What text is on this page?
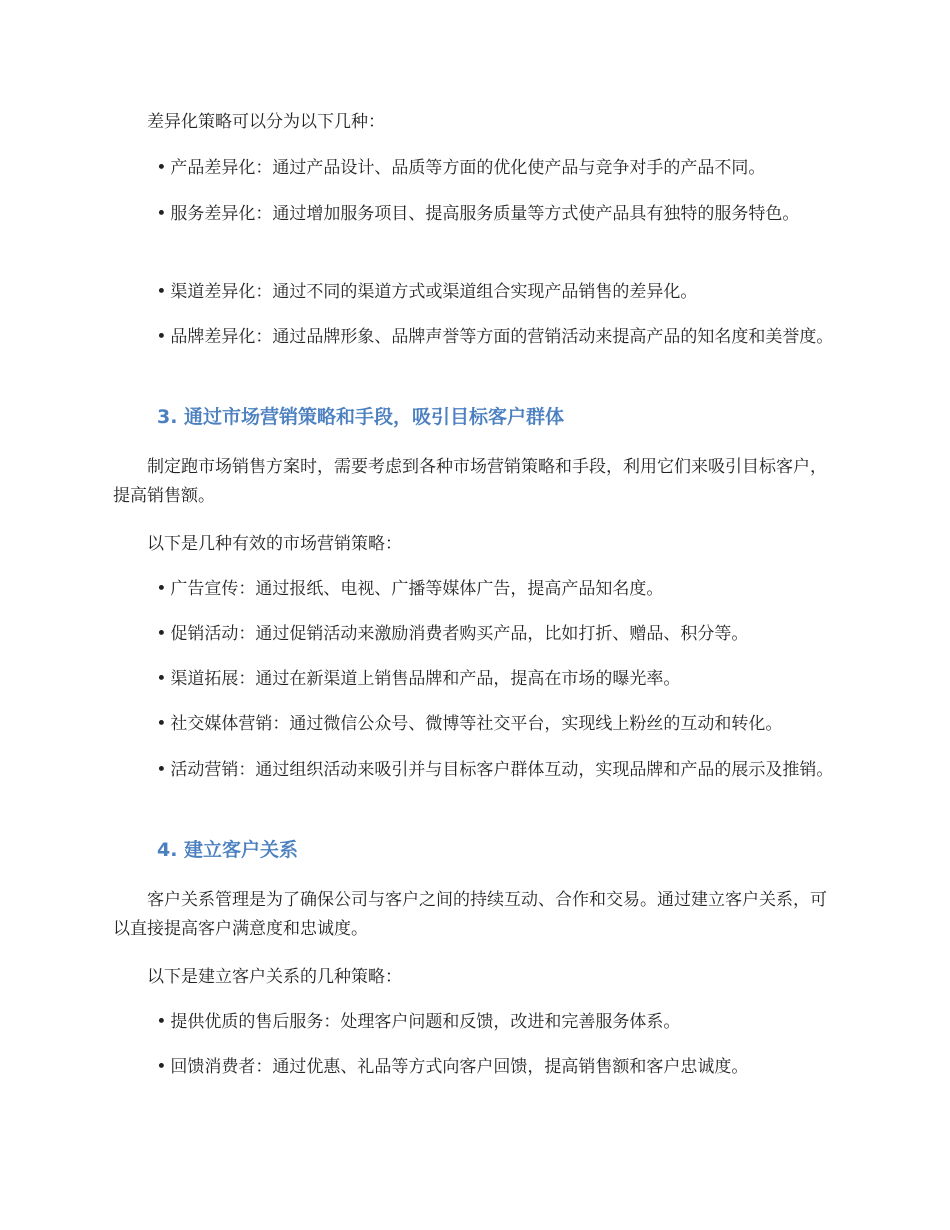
差异化策略可以分为以下几种：

• 产品差异化：通过产品设计、品质等方面的优化使产品与竞争对手的产品不同。

• 服务差异化：通过增加服务项目、提高服务质量等方式使产品具有独特的服务特色。

• 渠道差异化：通过不同的渠道方式或渠道组合实现产品销售的差异化。

• 品牌差异化：通过品牌形象、品牌声誉等方面的营销活动来提高产品的知名度和美誉度。

3. 通过市场营销策略和手段，吸引目标客户群体

制定跑市场销售方案时，需要考虑到各种市场营销策略和手段，利用它们来吸引目标客户，提高销售额。

以下是几种有效的市场营销策略：

• 广告宣传：通过报纸、电视、广播等媒体广告，提高产品知名度。

• 促销活动：通过促销活动来激励消费者购买产品，比如打折、赠品、积分等。

• 渠道拓展：通过在新渠道上销售品牌和产品，提高在市场的曝光率。

• 社交媒体营销：通过微信公众号、微博等社交平台，实现线上粉丝的互动和转化。

• 活动营销：通过组织活动来吸引并与目标客户群体互动，实现品牌和产品的展示及推销。

4. 建立客户关系

客户关系管理是为了确保公司与客户之间的持续互动、合作和交易。通过建立客户关系，可以直接提高客户满意度和忠诚度。

以下是建立客户关系的几种策略：

• 提供优质的售后服务：处理客户问题和反馈，改进和完善服务体系。

• 回馈消费者：通过优惠、礼品等方式向客户回馈，提高销售额和客户忠诚度。
